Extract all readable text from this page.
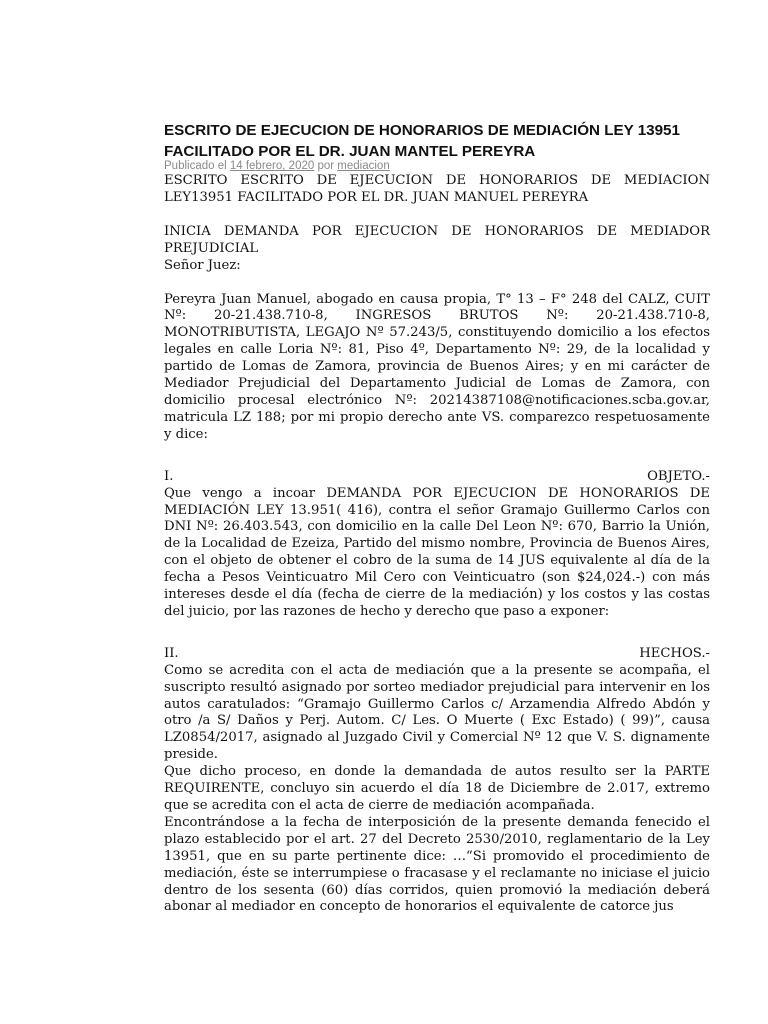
ESCRITO DE EJECUCION DE HONORARIOS DE MEDIACIÓN LEY 13951 FACILITADO POR EL DR. JUAN MANTEL PEREYRA
Publicado el 14 febrero, 2020 por mediacion

ESCRITO ESCRITO DE EJECUCION DE HONORARIOS DE MEDIACION LEY13951 FACILITADO POR EL DR. JUAN MANUEL PEREYRA

INICIA DEMANDA POR EJECUCION DE HONORARIOS DE MEDIADOR PREJUDICIAL

Señor Juez:

Pereyra Juan Manuel, abogado en causa propia, T° 13 – F° 248 del CALZ, CUIT Nº: 20-21.438.710-8, INGRESOS BRUTOS Nº: 20-21.438.710-8, MONOTRIBUTISTA, LEGAJO Nº 57.243/5, constituyendo domicilio a los efectos legales en calle Loria Nº: 81, Piso 4º, Departamento Nº: 29, de la localidad y partido de Lomas de Zamora, provincia de Buenos Aires; y en mi carácter de Mediador Prejudicial del Departamento Judicial de Lomas de Zamora, con domicilio procesal electrónico Nº: 20214387108@notificaciones.scba.gov.ar, matricula LZ 188; por mi propio derecho ante VS. comparezco respetuosamente y dice:

I.	OBJETO.-

Que vengo a incoar DEMANDA POR EJECUCION DE HONORARIOS DE MEDIACIÓN LEY 13.951( 416), contra el señor Gramajo Guillermo Carlos con DNI Nº: 26.403.543, con domicilio en la calle Del Leon Nº: 670, Barrio la Unión, de la Localidad de Ezeiza, Partido del mismo nombre, Provincia de Buenos Aires, con el objeto de obtener el cobro de la suma de 14 JUS equivalente al día de la fecha a Pesos Veinticuatro Mil Cero con Veinticuatro (son $24,024.-) con más intereses desde el día (fecha de cierre de la mediación) y los costos y las costas del juicio, por las razones de hecho y derecho que paso a exponer:

II.	HECHOS.-

Como se acredita con el acta de mediación que a la presente se acompaña, el suscripto resultó asignado por sorteo mediador prejudicial para intervenir en los autos caratulados: “Gramajo Guillermo Carlos c/ Arzamendia Alfredo Abdón y otro /a S/ Daños y Perj. Autom. C/ Les. O Muerte ( Exc Estado) ( 99)”, causa LZ0854/2017, asignado al Juzgado Civil y Comercial Nº 12 que V. S. dignamente preside.

Que dicho proceso, en donde la demandada de autos resulto ser la PARTE REQUIRENTE, concluyo sin acuerdo el día 18 de Diciembre de 2.017, extremo que se acredita con el acta de cierre de mediación acompañada.

Encontrándose a la fecha de interposición de la presente demanda fenecido el plazo establecido por el art. 27 del Decreto 2530/2010, reglamentario de la Ley 13951, que en su parte pertinente dice: …“Si promovido el procedimiento de mediación, éste se interrumpiese o fracasase y el reclamante no iniciase el juicio dentro de los sesenta (60) días corridos, quien promovió la mediación deberá abonar al mediador en concepto de honorarios el equivalente de catorce jus
